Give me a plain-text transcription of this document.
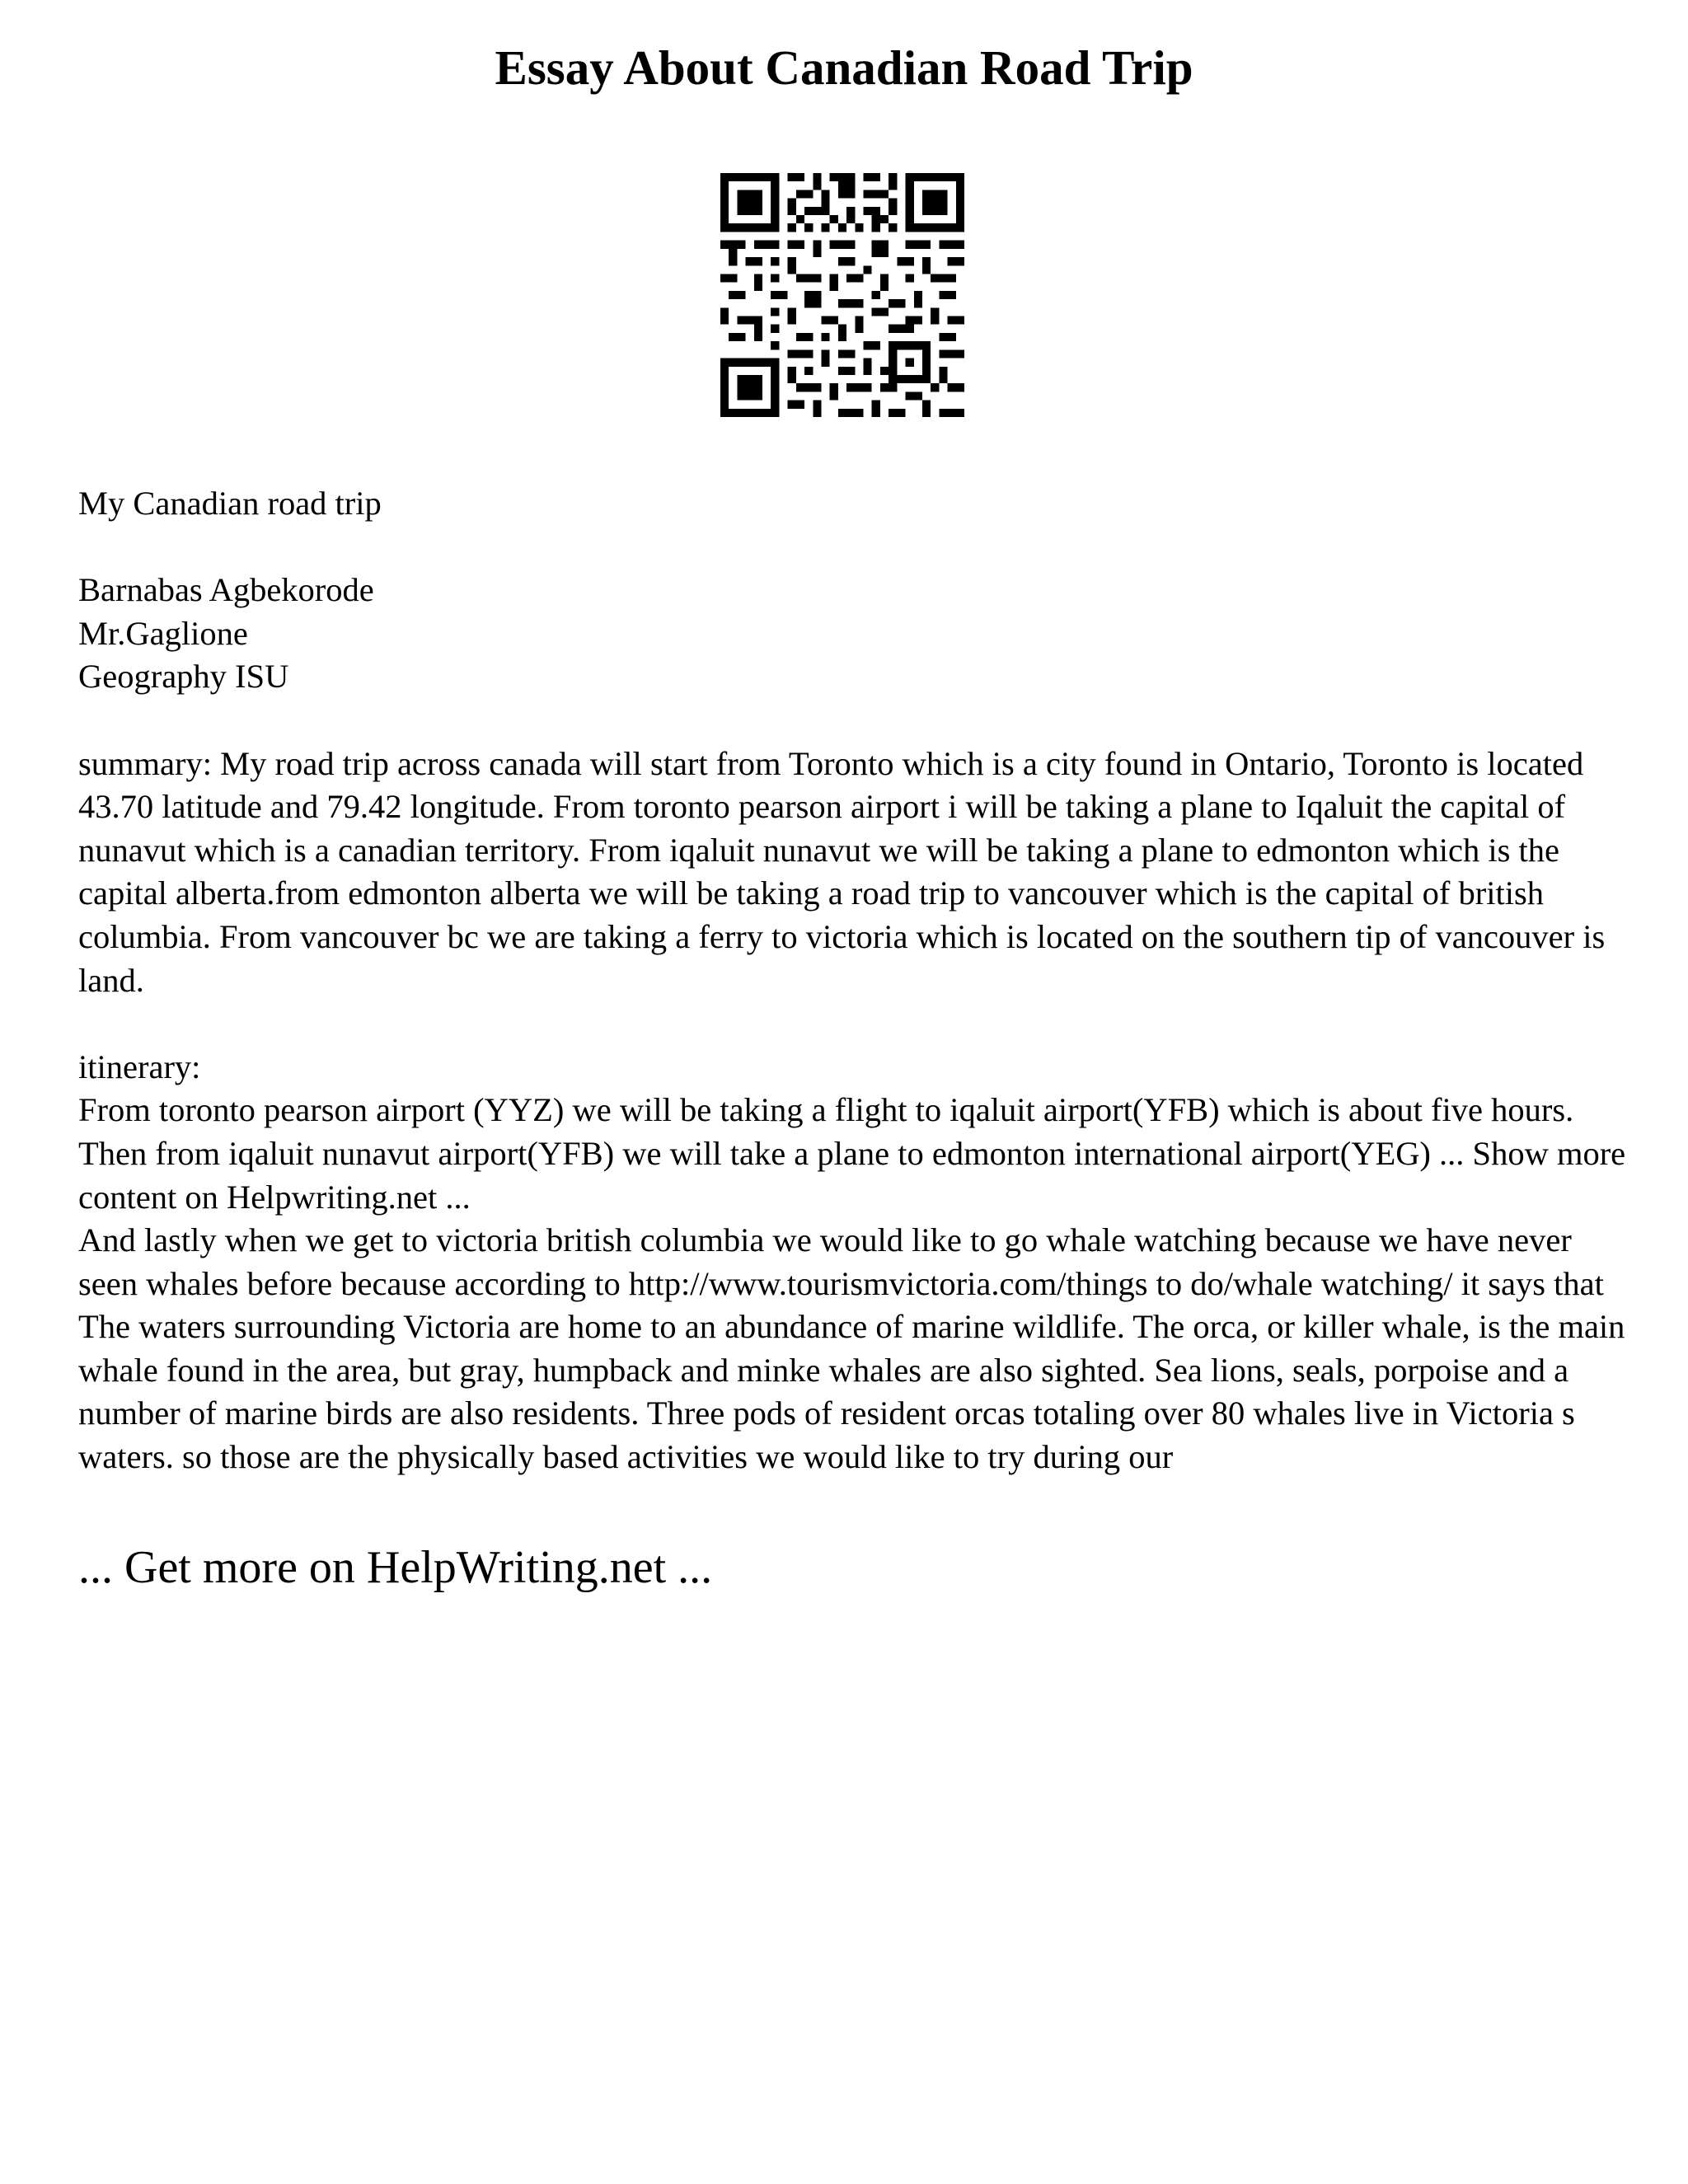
Essay About Canadian Road Trip

My Canadian road trip

Barnabas Agbekorode

Mr.Gaglione

Geography ISU

summary: My road trip across canada will start from Toronto which is a city found in Ontario, Toronto is located 43.70 latitude and 79.42 longitude. From toronto pearson airport i will be taking a plane to Iqaluit the capital of nunavut which is a canadian territory. From iqaluit nunavut we will be taking a plane to edmonton which is the capital alberta.from edmonton alberta we will be taking a road trip to vancouver which is the capital of british columbia. From vancouver bc we are taking a ferry to victoria which is located on the southern tip of vancouver is land.

itinerary:

From toronto pearson airport (YYZ) we will be taking a flight to iqaluit airport(YFB) which is about five hours. Then from iqaluit nunavut airport(YFB) we will take a plane to edmonton international airport(YEG) ... Show more content on Helpwriting.net ...

And lastly when we get to victoria british columbia we would like to go whale watching because we have never seen whales before because according to http://www.tourismvictoria.com/things to do/whale watching/ it says that The waters surrounding Victoria are home to an abundance of marine wildlife. The orca, or killer whale, is the main whale found in the area, but gray, humpback and minke whales are also sighted. Sea lions, seals, porpoise and a number of marine birds are also residents. Three pods of resident orcas totaling over 80 whales live in Victoria s waters. so those are the physically based activities we would like to try during our

... Get more on HelpWriting.net ...
